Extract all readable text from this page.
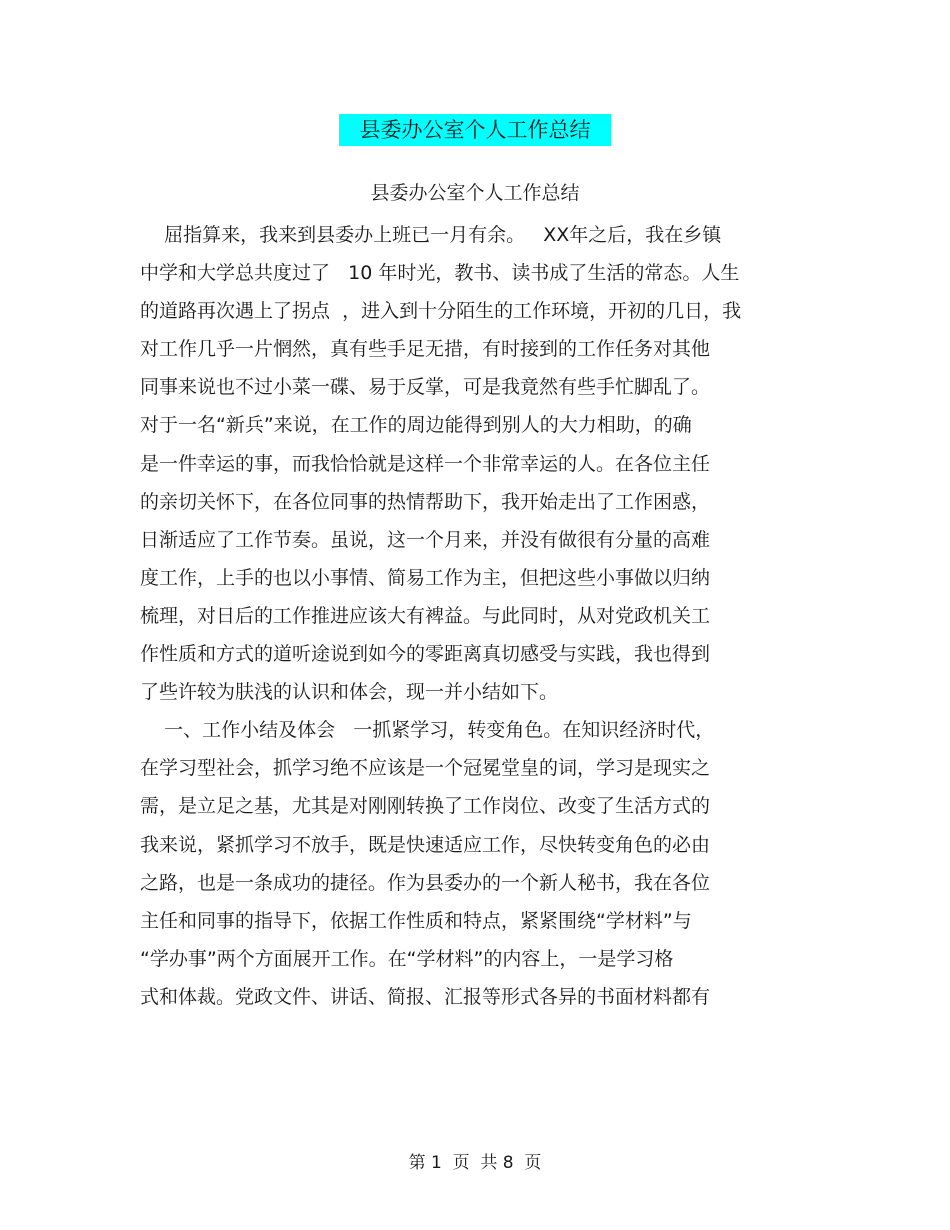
县委办公室个人工作总结
县委办公室个人工作总结
屈指算来，我来到县委办上班已一月有余。   XX年之后，我在乡镇
中学和大学总共度过了   10 年时光，教书、读书成了生活的常态。人生
的道路再次遇上了拐点  ，进入到十分陌生的工作环境，开初的几日，我
对工作几乎一片惘然，真有些手足无措，有时接到的工作任务对其他
同事来说也不过小菜一碟、易于反掌，可是我竟然有些手忙脚乱了。
对于一名“新兵”来说，在工作的周边能得到别人的大力相助，的确
是一件幸运的事，而我恰恰就是这样一个非常幸运的人。在各位主任
的亲切关怀下，在各位同事的热情帮助下，我开始走出了工作困惑，
日渐适应了工作节奏。虽说，这一个月来，并没有做很有分量的高难
度工作，上手的也以小事情、简易工作为主，但把这些小事做以归纳
梳理，对日后的工作推进应该大有裨益。与此同时，从对党政机关工
作性质和方式的道听途说到如今的零距离真切感受与实践，我也得到
了些许较为肤浅的认识和体会，现一并小结如下。
一、工作小结及体会   一抓紧学习，转变角色。在知识经济时代，
在学习型社会，抓学习绝不应该是一个冠冕堂皇的词，学习是现实之
需，是立足之基，尤其是对刚刚转换了工作岗位、改变了生活方式的
我来说，紧抓学习不放手，既是快速适应工作，尽快转变角色的必由
之路，也是一条成功的捷径。作为县委办的一个新人秘书，我在各位
主任和同事的指导下，依据工作性质和特点，紧紧围绕“学材料”与
“学办事”两个方面展开工作。在“学材料”的内容上，一是学习格
式和体裁。党政文件、讲话、简报、汇报等形式各异的书面材料都有
第 1  页  共 8  页
